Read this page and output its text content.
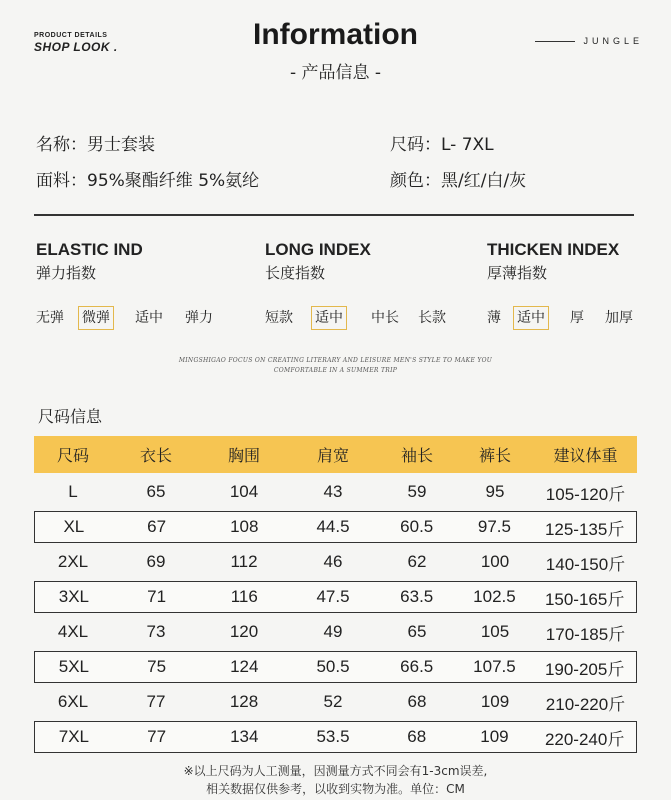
PRODUCT DETAILS
SHOP LOOK .	Information
- 产品信息 -
JUNGLE
名称：男士套装	尺码：L- 7XL
面料：95%聚酯纤维 5%氨纶	颜色：黑/红/白/灰
ELASTIC IND
弹力指数
无弹 微弹 适中 弹力
LONG INDEX
长度指数
短款 适中 中长 长款
THICKEN INDEX
厚薄指数
薄 适中 厚 加厚
MINGSHIGAO FOCUS ON CREATING LITERARY AND LEISURE MEN'S STYLE TO MAKE YOU
COMFORTABLE IN A SUMMER TRIP
尺码信息
尺码	衣长	胸围	肩宽	袖长	裤长	建议体重
L	65	104	43	59	95	105-120斤
XL	67	108	44.5	60.5	97.5	125-135斤
2XL	69	112	46	62	100	140-150斤
3XL	71	116	47.5	63.5	102.5	150-165斤
4XL	73	120	49	65	105	170-185斤
5XL	75	124	50.5	66.5	107.5	190-205斤
6XL	77	128	52	68	109	210-220斤
7XL	77	134	53.5	68	109	220-240斤
※以上尺码为人工测量，因测量方式不同会有1-3cm误差,
相关数据仅供参考，以收到实物为准。单位：CM
